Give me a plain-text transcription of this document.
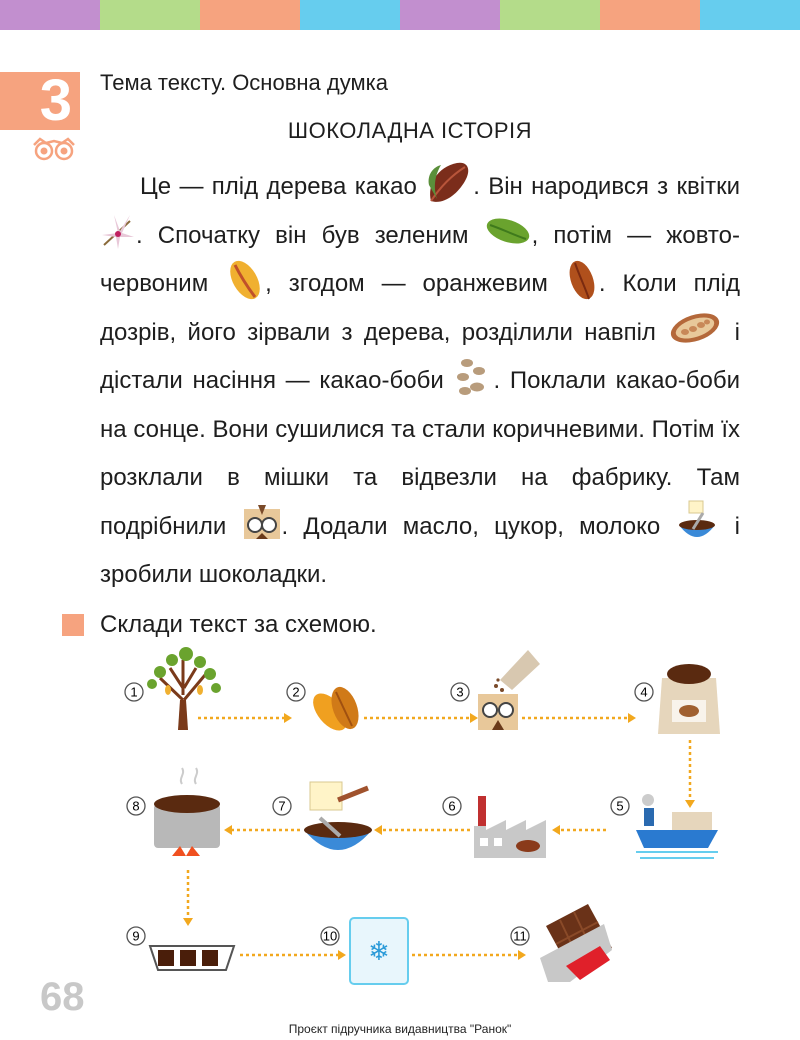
3 Тема тексту. Основна думка
ШОКОЛАДНА ІСТОРІЯ

Це — плід дерева какао . Він народився з квітки . Спочатку він був зеленим	, потім — жовто-червоним , згодом — оранжевим . Коли плід дозрів, його зірвали з дерева, розділили навпіл	і дістали насіння — какао-боби . Поклали какао-боби на сонце. Вони сушилися та стали коричневими. Потім їх розклали в мішки та відвезли на фабрику. Там подрібнили . Додали масло, цукор, молоко	і зробили шоколадки.

Склади текст за схемою.
1	2	3	4
5
6
7
8
9	10 ❄	11
68
Проєкт підручника видавництва "Ранок"
